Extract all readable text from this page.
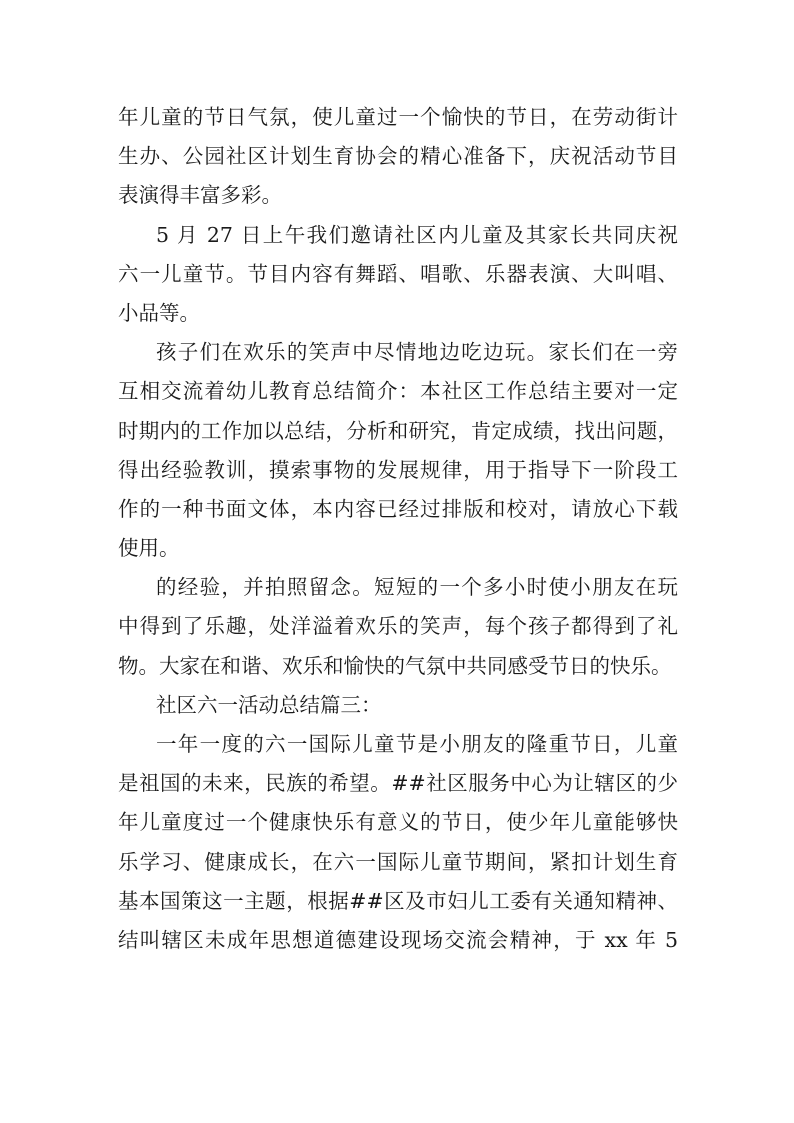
年儿童的节日气氛，使儿童过一个愉快的节日，在劳动街计
生办、公园社区计划生育协会的精心准备下，庆祝活动节目
表演得丰富多彩。
5 月 27 日上午我们邀请社区内儿童及其家长共同庆祝
六一儿童节。节目内容有舞蹈、唱歌、乐器表演、大叫唱、
小品等。
孩子们在欢乐的笑声中尽情地边吃边玩。家长们在一旁
互相交流着幼儿教育总结简介：本社区工作总结主要对一定
时期内的工作加以总结，分析和研究，肯定成绩，找出问题，
得出经验教训，摸索事物的发展规律，用于指导下一阶段工
作的一种书面文体，本内容已经过排版和校对，请放心下载
使用。
的经验，并拍照留念。短短的一个多小时使小朋友在玩
中得到了乐趣，处洋溢着欢乐的笑声，每个孩子都得到了礼
物。大家在和谐、欢乐和愉快的气氛中共同感受节日的快乐。
社区六一活动总结篇三：
一年一度的六一国际儿童节是小朋友的隆重节日，儿童
是祖国的未来，民族的希望。##社区服务中心为让辖区的少
年儿童度过一个健康快乐有意义的节日，使少年儿童能够快
乐学习、健康成长，在六一国际儿童节期间，紧扣计划生育
基本国策这一主题，根据##区及市妇儿工委有关通知精神、
结叫辖区未成年思想道德建设现场交流会精神，于 xx 年 5
